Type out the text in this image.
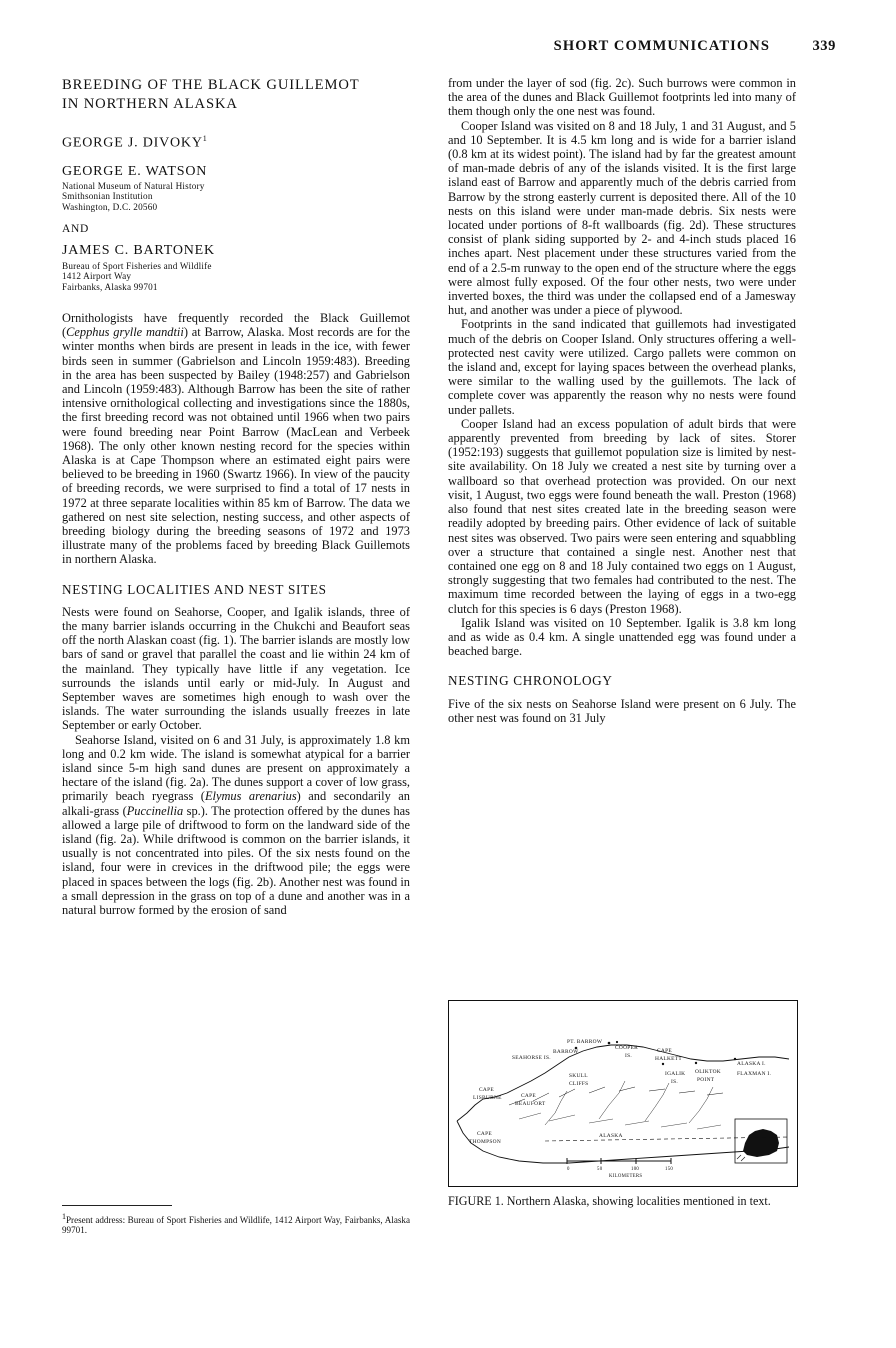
SHORT COMMUNICATIONS	339
BREEDING OF THE BLACK GUILLEMOT
IN NORTHERN ALASKA
GEORGE J. DIVOKY$^1$
GEORGE E. WATSON
National Museum of Natural History
Smithsonian Institution
Washington, D.C. 20560
AND
JAMES C. BARTONEK
Bureau of Sport Fisheries and Wildlife
1412 Airport Way
Fairbanks, Alaska 99701

Ornithologists have frequently recorded the Black Guillemot (Cepphus grylle mandtii) at Barrow, Alaska. Most records are for the winter months when birds are present in leads in the ice, with fewer birds seen in summer (Gabrielson and Lincoln 1959:483). Breeding in the area has been suspected by Bailey (1948:257) and Gabrielson and Lincoln (1959:483). Although Barrow has been the site of rather intensive ornithological collecting and investigations since the 1880s, the first breeding record was not obtained until 1966 when two pairs were found breeding near Point Barrow (MacLean and Verbeek 1968). The only other known nesting record for the species within Alaska is at Cape Thompson where an estimated eight pairs were believed to be breeding in 1960 (Swartz 1966). In view of the paucity of breeding records, we were surprised to find a total of 17 nests in 1972 at three separate localities within 85 km of Barrow. The data we gathered on nest site selection, nesting success, and other aspects of breeding biology during the breeding seasons of 1972 and 1973 illustrate many of the problems faced by breeding Black Guillemots in northern Alaska.

NESTING LOCALITIES AND NEST SITES

Nests were found on Seahorse, Cooper, and Igalik islands, three of the many barrier islands occurring in the Chukchi and Beaufort seas off the north Alaskan coast (fig. 1). The barrier islands are mostly low bars of sand or gravel that parallel the coast and lie within 24 km of the mainland. They typically have little if any vegetation. Ice surrounds the islands until early or mid-July. In August and September waves are sometimes high enough to wash over the islands. The water surrounding the islands usually freezes in late September or early October.

Seahorse Island, visited on 6 and 31 July, is approximately 1.8 km long and 0.2 km wide. The island is somewhat atypical for a barrier island since 5-m high sand dunes are present on approximately a hectare of the island (fig. 2a). The dunes support a cover of low grass, primarily beach ryegrass (Elymus arenarius) and secondarily an alkali-grass (Puccinellia sp.). The protection offered by the dunes has allowed a large pile of driftwood to form on the landward side of the island (fig. 2a). While driftwood is common on the barrier islands, it usually is not concentrated into piles. Of the six nests found on the island, four were in crevices in the driftwood pile; the eggs were placed in spaces between the logs (fig. 2b). Another nest was found in a small depression in the grass on top of a dune and another was in a natural burrow formed by the erosion of sand

from under the layer of sod (fig. 2c). Such burrows were common in the area of the dunes and Black Guillemot footprints led into many of them though only the one nest was found.

Cooper Island was visited on 8 and 18 July, 1 and 31 August, and 5 and 10 September. It is 4.5 km long and is wide for a barrier island (0.8 km at its widest point). The island had by far the greatest amount of man-made debris of any of the islands visited. It is the first large island east of Barrow and apparently much of the debris carried from Barrow by the strong easterly current is deposited there. All of the 10 nests on this island were under man-made debris. Six nests were located under portions of 8-ft wallboards (fig. 2d). These structures consist of plank siding supported by 2- and 4-inch studs placed 16 inches apart. Nest placement under these structures varied from the end of a 2.5-m runway to the open end of the structure where the eggs were almost fully exposed. Of the four other nests, two were under inverted boxes, the third was under the collapsed end of a Jamesway hut, and another was under a piece of plywood.

Footprints in the sand indicated that guillemots had investigated much of the debris on Cooper Island. Only structures offering a well-protected nest cavity were utilized. Cargo pallets were common on the island and, except for laying spaces between the overhead planks, were similar to the walling used by the guillemots. The lack of complete cover was apparently the reason why no nests were found under pallets.

Cooper Island had an excess population of adult birds that were apparently prevented from breeding by lack of sites. Storer (1952:193) suggests that guillemot population size is limited by nest-site availability. On 18 July we created a nest site by turning over a wallboard so that overhead protection was provided. On our next visit, 1 August, two eggs were found beneath the wall. Preston (1968) also found that nest sites created late in the breeding season were readily adopted by breeding pairs. Other evidence of lack of suitable nest sites was observed. Two pairs were seen entering and squabbling over a structure that contained a single nest. Another nest that contained one egg on 8 and 18 July contained two eggs on 1 August, strongly suggesting that two females had contributed to the nest. The maximum time recorded between the laying of eggs in a two-egg clutch for this species is 6 days (Preston 1968).

Igalik Island was visited on 10 September. Igalik is 3.8 km long and as wide as 0.4 km. A single unattended egg was found under a beached barge.

NESTING CHRONOLOGY

Five of the six nests on Seahorse Island were present on 6 July. The other nest was found on 31 July

$^1$Present address: Bureau of Sport Fisheries and Wildlife, 1412 Airport Way, Fairbanks, Alaska 99701.
PT. BARROW
BARROW
SEAHORSE IS.
COOPER
IS.
CAPE
HALKETT
SKULL
CLIFFS
IGALIK
IS.
OLIKTOK
POINT
ALASKA I.
FLAXMAN I.
CAPE
LISBURNE	CAPE
BEAUFORT
CAPE
THOMPSON
ALASKA
0	50	100	150
KILOMETERS
FIGURE 1. Northern Alaska, showing localities mentioned in text.
